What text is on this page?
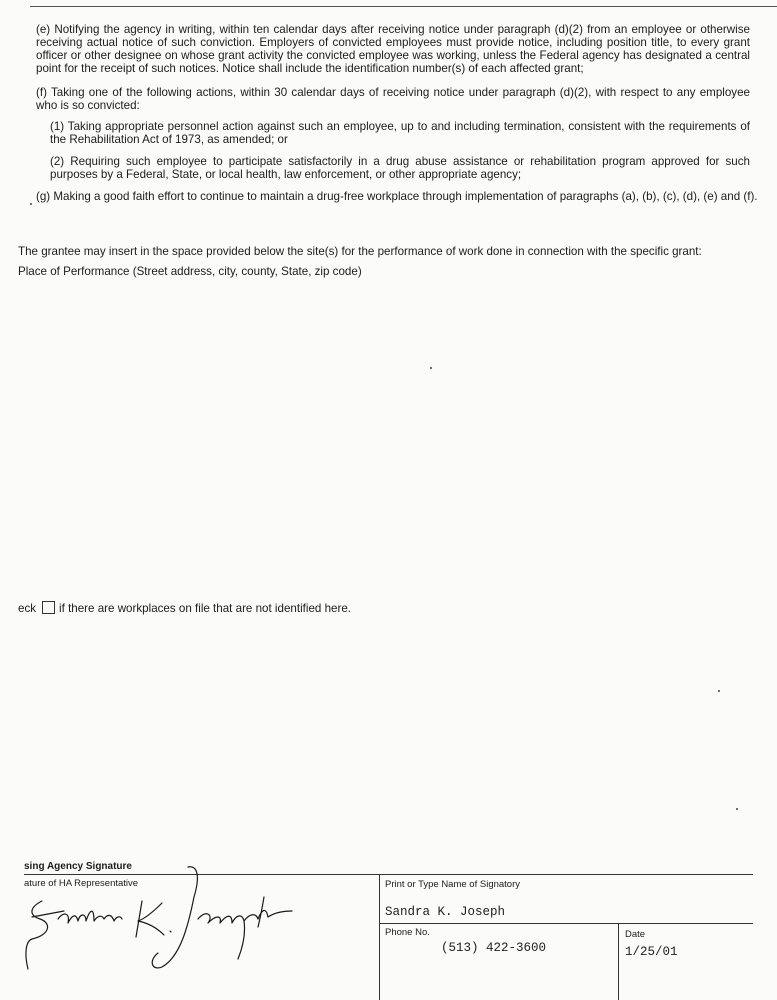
(e) Notifying the agency in writing, within ten calendar days after receiving notice under paragraph (d)(2) from an employee or otherwise receiving actual notice of such conviction. Employers of convicted employees must provide notice, including position title, to every grant officer or other designee on whose grant activity the convicted employee was working, unless the Federal agency has designated a central point for the receipt of such notices. Notice shall include the identification number(s) of each affected grant;

(f) Taking one of the following actions, within 30 calendar days of receiving notice under paragraph (d)(2), with respect to any employee who is so convicted:

(1) Taking appropriate personnel action against such an employee, up to and including termination, consistent with the requirements of the Rehabilitation Act of 1973, as amended; or

(2) Requiring such employee to participate satisfactorily in a drug abuse assistance or rehabilitation program approved for such purposes by a Federal, State, or local health, law enforcement, or other appropriate agency;

(g) Making a good faith effort to continue to maintain a drug-free workplace through implementation of paragraphs (a), (b), (c), (d), (e) and (f).

The grantee may insert in the space provided below the site(s) for the performance of work done in connection with the specific grant:

Place of Performance (Street address, city, county, State, zip code)

eck if there are workplaces on file that are not identified here.
sing Agency Signature
ature of HA Representative	Print or Type Name of Signatory
Sandra K. Joseph
Phone No.
(513) 422-3600
Date
1/25/01
